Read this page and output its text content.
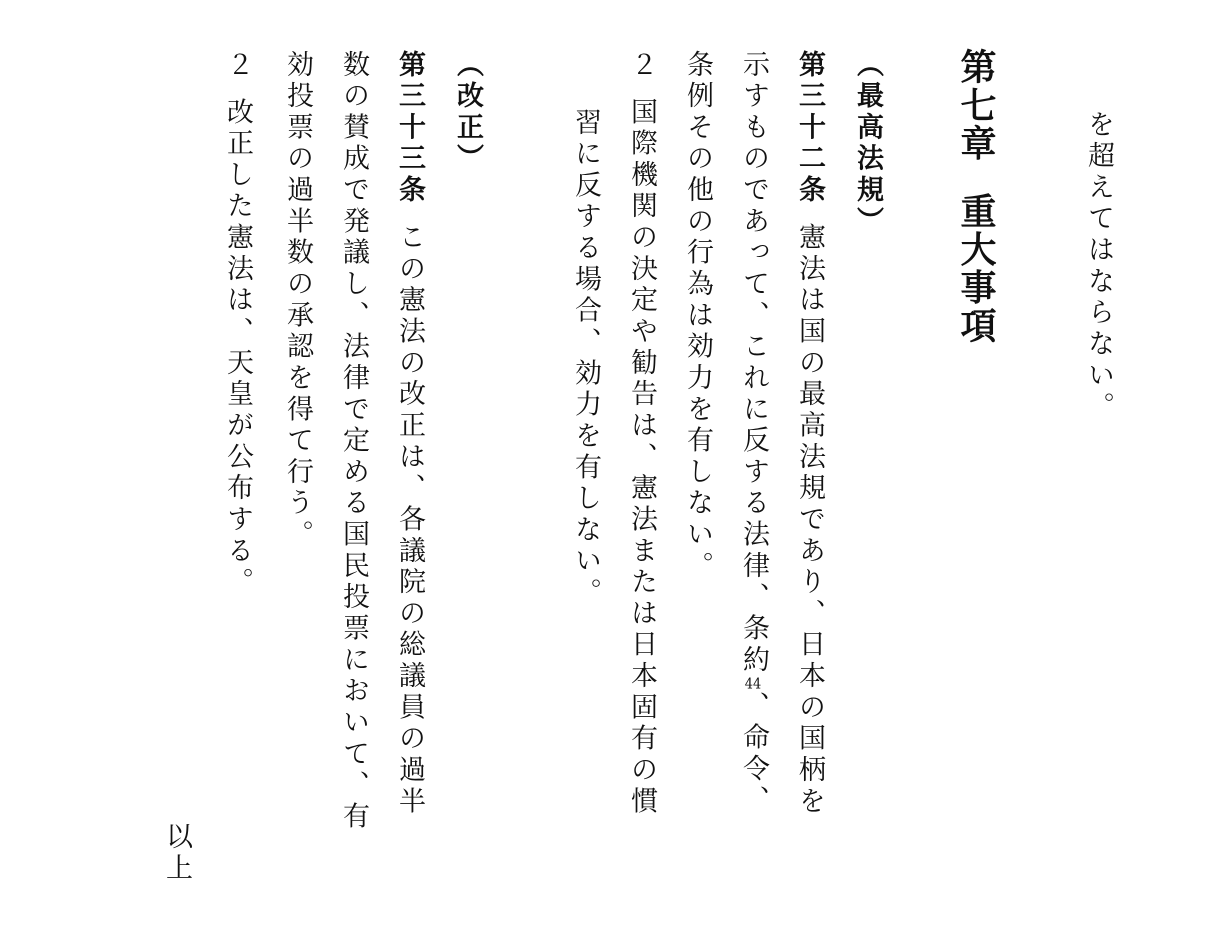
を超えてはならない。
第七章重大事項
（最高法規）
第三十二条憲法は国の最高法規であり、日本の国柄を
示すものであって、これに反する法律、条約44、命令、
条例その他の行為は効力を有しない。
２国際機関の決定や勧告は、憲法または日本固有の慣
習に反する場合、効力を有しない。
（改正）
第三十三条この憲法の改正は、各議院の総議員の過半
数の賛成で発議し、法律で定める国民投票において、有
効投票の過半数の承認を得て行う。
２改正した憲法は、天皇が公布する。
以上
